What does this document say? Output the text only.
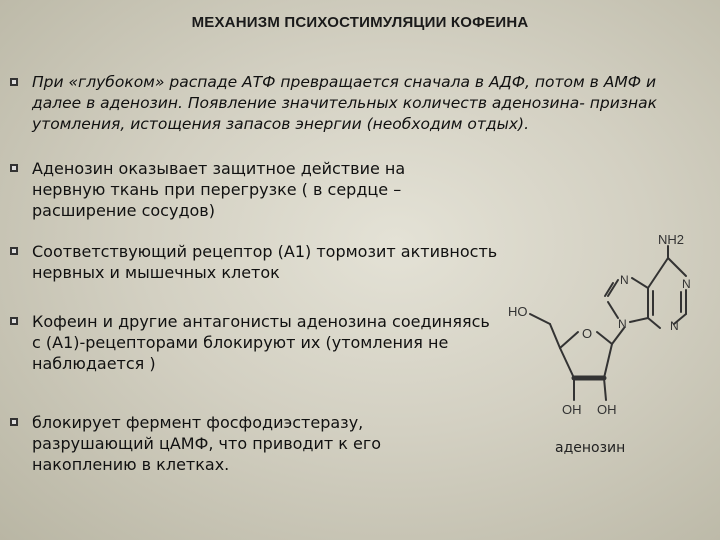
МЕХАНИЗМ ПСИХОСТИМУЛЯЦИИ КОФЕИНА
При «глубоком» распаде АТФ превращается сначала в АДФ, потом в АМФ и далее в аденозин. Появление значительных количеств аденозина- признак утомления, истощения запасов энергии (необходим отдых).
Аденозин оказывает защитное действие на нервную ткань при перегрузке ( в сердце – расширение сосудов)
Соответствующий рецептор (А1) тормозит активность нервных и мышечных клеток
Кофеин и другие антагонисты аденозина соединяясь с (А1)-рецепторами блокируют их (утомления не наблюдается )
блокирует фермент фосфодиэстеразу, разрушающий цАМФ, что приводит к его накоплению в клетках.
NH2
N	N
N
N
O
HO
OH OH
аденозин
